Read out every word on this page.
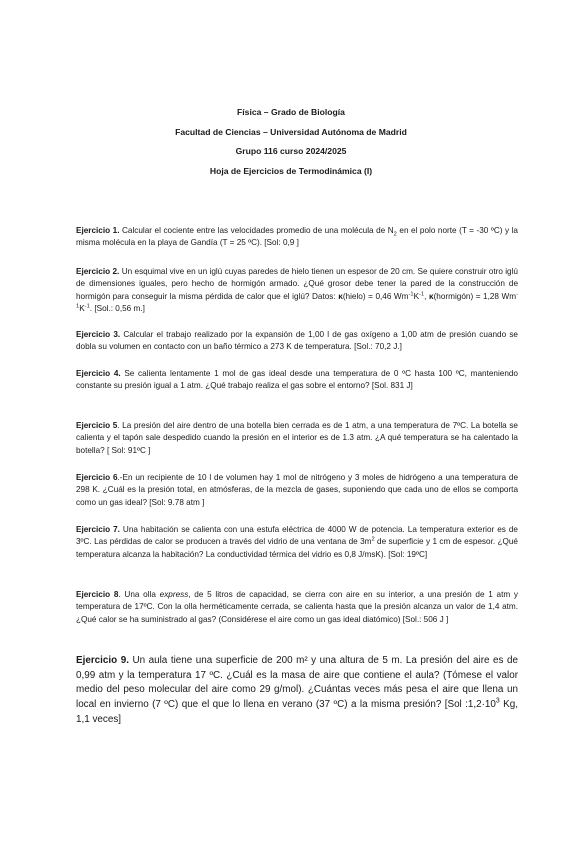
Física – Grado de Biología
Facultad de Ciencias – Universidad Autónoma de Madrid
Grupo 116 curso 2024/2025
Hoja de Ejercicios de Termodinámica (I)

Ejercicio 1. Calcular el cociente entre las velocidades promedio de una molécula de $N_2$ en el polo norte (T = -30 ºC) y la misma molécula en la playa de Gandía (T = 25 ºC). [Sol: 0,9 ]

Ejercicio 2. Un esquimal vive en un iglú cuyas paredes de hielo tienen un espesor de 20 cm. Se quiere construir otro iglú de dimensiones iguales, pero hecho de hormigón armado. ¿Qué grosor debe tener la pared de la construcción de hormigón para conseguir la misma pérdida de calor que el iglú? Datos: κ(hielo) = 0,46 $Wm^{-1}K^{-1}$, κ(hormigón) = 1,28 $Wm^{-1}K^{-1}$. [Sol.: 0,56 m.]

Ejercicio 3. Calcular el trabajo realizado por la expansión de 1,00 l de gas oxígeno a 1,00 atm de presión cuando se dobla su volumen en contacto con un baño térmico a 273 K de temperatura. [Sol.: 70,2 J.]

Ejercicio 4. Se calienta lentamente 1 mol de gas ideal desde una temperatura de 0 ºC hasta 100 ºC, manteniendo constante su presión igual a 1 atm. ¿Qué trabajo realiza el gas sobre el entorno? [Sol. 831 J]

Ejercicio 5. La presión del aire dentro de una botella bien cerrada es de 1 atm, a una temperatura de 7ºC. La botella se calienta y el tapón sale despedido cuando la presión en el interior es de 1.3 atm. ¿A qué temperatura se ha calentado la botella? [ Sol: 91ºC ]

Ejercicio 6.-En un recipiente de 10 l de volumen hay 1 mol de nitrógeno y 3 moles de hidrógeno a una temperatura de 298 K. ¿Cuál es la presión total, en atmósferas, de la mezcla de gases, suponiendo que cada uno de ellos se comporta como un gas ideal? [Sol: 9.78 atm ]

Ejercicio 7. Una habitación se calienta con una estufa eléctrica de 4000 W de potencia. La temperatura exterior es de 3ºC. Las pérdidas de calor se producen a través del vidrio de una ventana de $3m^2$ de superficie y 1 cm de espesor. ¿Qué temperatura alcanza la habitación? La conductividad térmica del vidrio es 0,8 J/msK). [Sol: 19ºC]

Ejercicio 8. Una olla express, de 5 litros de capacidad, se cierra con aire en su interior, a una presión de 1 atm y temperatura de 17ºC. Con la olla herméticamente cerrada, se calienta hasta que la presión alcanza un valor de 1,4 atm. ¿Qué calor se ha suministrado al gas? (Considérese el aire como un gas ideal diatómico) [Sol.: 506 J ]

Ejercicio 9. Un aula tiene una superficie de 200 m² y una altura de 5 m. La presión del aire es de 0,99 atm y la temperatura 17 ºC. ¿Cuál es la masa de aire que contiene el aula? (Tómese el valor medio del peso molecular del aire como 29 g/mol). ¿Cuántas veces más pesa el aire que llena un local en invierno (7 ºC) que el que lo llena en verano (37 ºC) a la misma presión? [Sol $:1,2\cdot 10^3$ Kg, 1,1 veces]
